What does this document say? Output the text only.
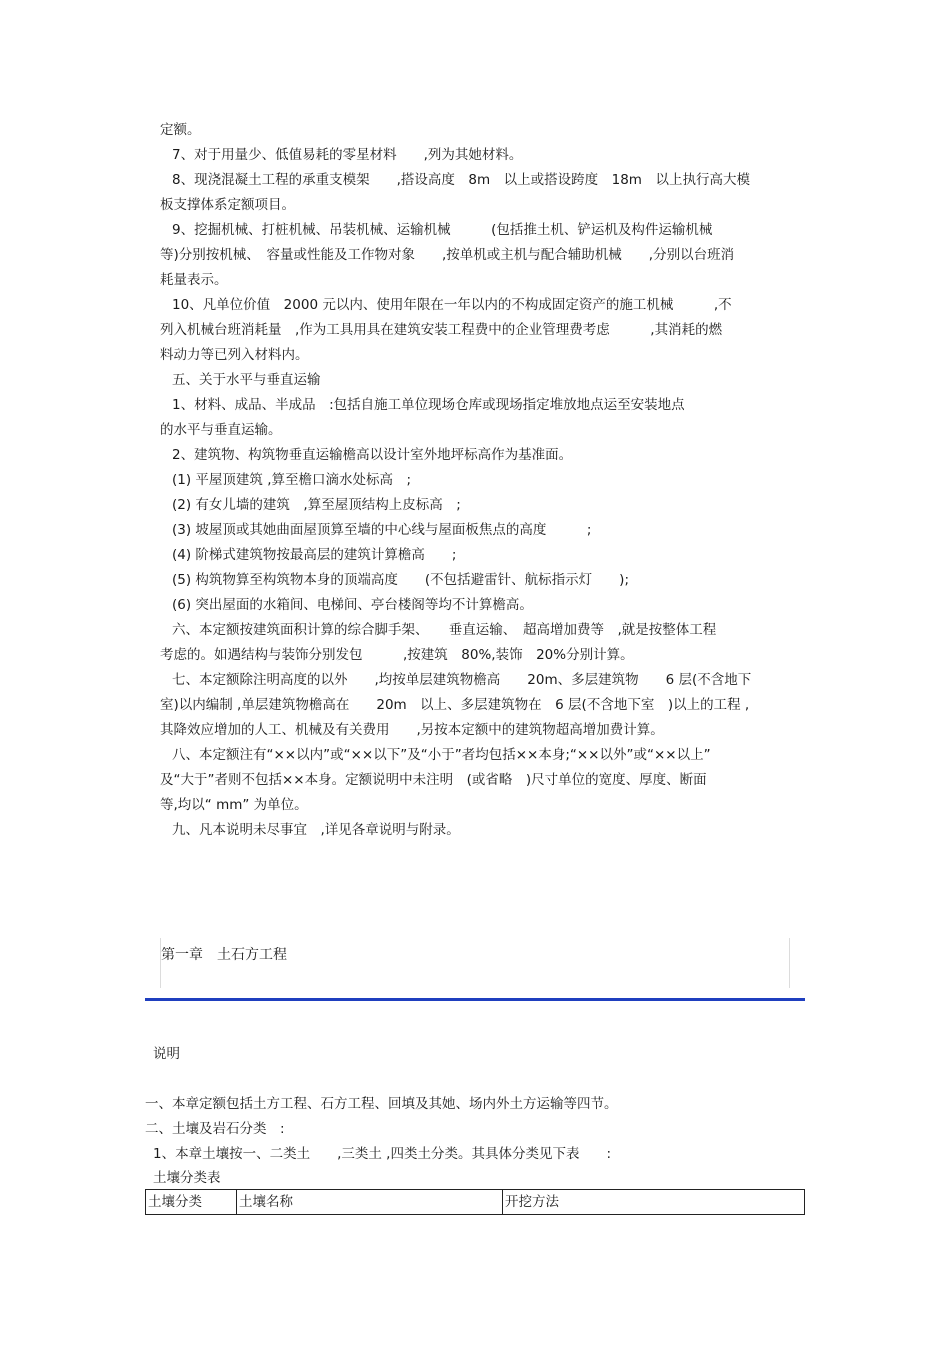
定额。
7、对于用量少、低值易耗的零星材料　　,列为其她材料。
8、现浇混凝土工程的承重支模架　　,搭设高度　8m　以上或搭设跨度　18m　以上执行高大模
板支撑体系定额项目。
9、挖掘机械、打桩机械、吊装机械、运输机械　　　(包括推土机、铲运机及构件运输机械
等)分别按机械、　容量或性能及工作物对象　　,按单机或主机与配合辅助机械　　,分别以台班消
耗量表示。
10、凡单位价值　2000 元以内、使用年限在一年以内的不构成固定资产的施工机械　　　,不
列入机械台班消耗量　,作为工具用具在建筑安装工程费中的企业管理费考虑　　　,其消耗的燃
料动力等已列入材料内。
五、关于水平与垂直运输
1、材料、成品、半成品　:包括自施工单位现场仓库或现场指定堆放地点运至安装地点
的水平与垂直运输。
2、建筑物、构筑物垂直运输檐高以设计室外地坪标高作为基准面。
(1) 平屋顶建筑 ,算至檐口滴水处标高　;
(2) 有女儿墙的建筑　,算至屋顶结构上皮标高　;
(3) 坡屋顶或其她曲面屋顶算至墙的中心线与屋面板焦点的高度　　　;
(4) 阶梯式建筑物按最高层的建筑计算檐高　　;
(5) 构筑物算至构筑物本身的顶端高度　　(不包括避雷针、航标指示灯　　);
(6) 突出屋面的水箱间、电梯间、亭台楼阁等均不计算檐高。
六、本定额按建筑面积计算的综合脚手架、　　垂直运输、　超高增加费等　,就是按整体工程
考虑的。如遇结构与装饰分别发包　　　,按建筑　80%,装饰　20%分别计算。
七、本定额除注明高度的以外　　,均按单层建筑物檐高　　20m、多层建筑物　　6 层(不含地下
室)以内编制 ,单层建筑物檐高在　　20m　以上、多层建筑物在　6 层(不含地下室　)以上的工程 ,
其降效应增加的人工、机械及有关费用　　,另按本定额中的建筑物超高增加费计算。
八、本定额注有“××以内”或“××以下”及“小于”者均包括××本身;“××以外”或“××以上”
及“大于”者则不包括××本身。定额说明中未注明　(或省略　)尺寸单位的宽度、厚度、断面
等,均以“ mm” 为单位。
九、凡本说明未尽事宜　,详见各章说明与附录。
第一章　土石方工程
说明
一、本章定额包括土方工程、石方工程、回填及其她、场内外土方运输等四节。
二、土壤及岩石分类　:
1、本章土壤按一、二类土　　,三类土 ,四类土分类。其具体分类见下表　　:
土壤分类表
土壤分类	土壤名称	开挖方法
